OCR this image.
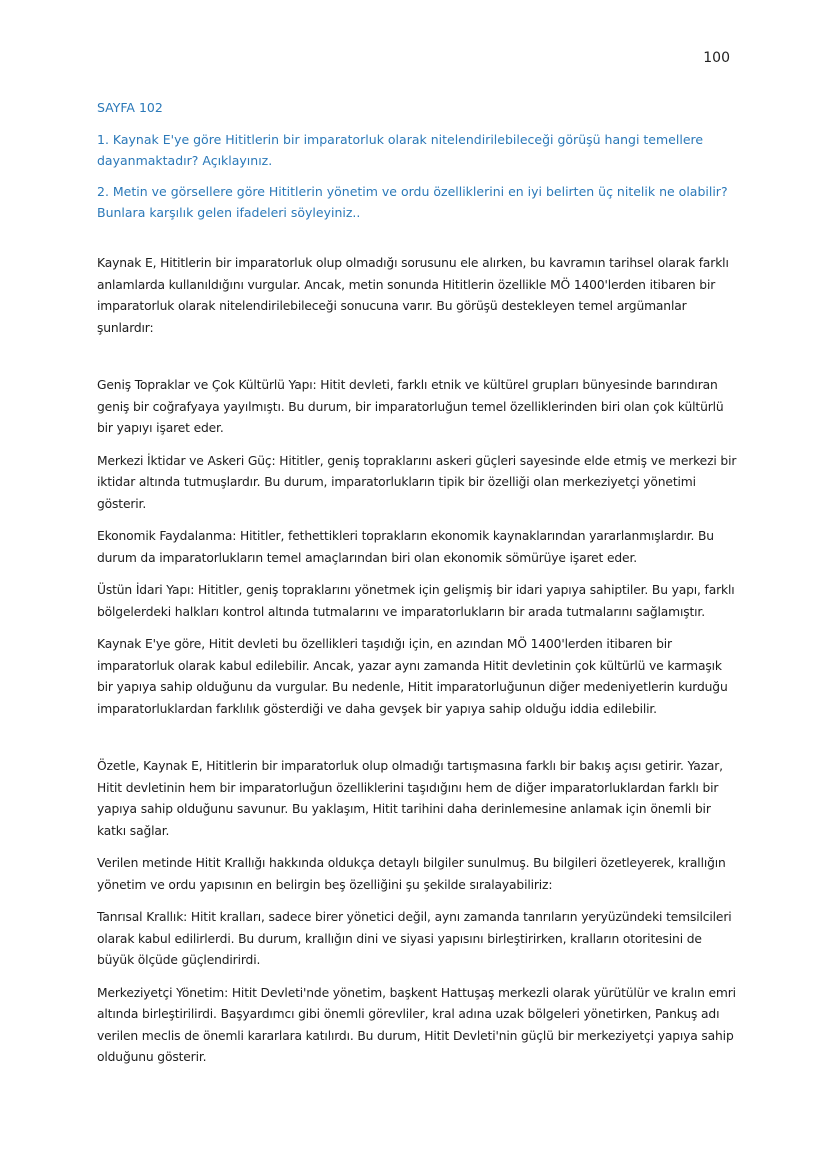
100
SAYFA 102

1. Kaynak E'ye göre Hititlerin bir imparatorluk olarak nitelendirilebileceği görüşü hangi temellere dayanmaktadır? Açıklayınız.

2. Metin ve görsellere göre Hititlerin yönetim ve ordu özelliklerini en iyi belirten üç nitelik ne olabilir? Bunlara karşılık gelen ifadeleri söyleyiniz..

Kaynak E, Hititlerin bir imparatorluk olup olmadığı sorusunu ele alırken, bu kavramın tarihsel olarak farklı anlamlarda kullanıldığını vurgular. Ancak, metin sonunda Hititlerin özellikle MÖ 1400'lerden itibaren bir imparatorluk olarak nitelendirilebileceği sonucuna varır. Bu görüşü destekleyen temel argümanlar şunlardır:

Geniş Topraklar ve Çok Kültürlü Yapı: Hitit devleti, farklı etnik ve kültürel grupları bünyesinde barındıran geniş bir coğrafyaya yayılmıştı. Bu durum, bir imparatorluğun temel özelliklerinden biri olan çok kültürlü bir yapıyı işaret eder.

Merkezi İktidar ve Askeri Güç: Hititler, geniş topraklarını askeri güçleri sayesinde elde etmiş ve merkezi bir iktidar altında tutmuşlardır. Bu durum, imparatorlukların tipik bir özelliği olan merkeziyetçi yönetimi gösterir.

Ekonomik Faydalanma: Hititler, fethettikleri toprakların ekonomik kaynaklarından yararlanmışlardır. Bu durum da imparatorlukların temel amaçlarından biri olan ekonomik sömürüye işaret eder.

Üstün İdari Yapı: Hititler, geniş topraklarını yönetmek için gelişmiş bir idari yapıya sahiptiler. Bu yapı, farklı bölgelerdeki halkları kontrol altında tutmalarını ve imparatorlukların bir arada tutmalarını sağlamıştır.

Kaynak E'ye göre, Hitit devleti bu özellikleri taşıdığı için, en azından MÖ 1400'lerden itibaren bir imparatorluk olarak kabul edilebilir. Ancak, yazar aynı zamanda Hitit devletinin çok kültürlü ve karmaşık bir yapıya sahip olduğunu da vurgular. Bu nedenle, Hitit imparatorluğunun diğer medeniyetlerin kurduğu imparatorluklardan farklılık gösterdiği ve daha gevşek bir yapıya sahip olduğu iddia edilebilir.

Özetle, Kaynak E, Hititlerin bir imparatorluk olup olmadığı tartışmasına farklı bir bakış açısı getirir. Yazar, Hitit devletinin hem bir imparatorluğun özelliklerini taşıdığını hem de diğer imparatorluklardan farklı bir yapıya sahip olduğunu savunur. Bu yaklaşım, Hitit tarihini daha derinlemesine anlamak için önemli bir katkı sağlar.

Verilen metinde Hitit Krallığı hakkında oldukça detaylı bilgiler sunulmuş. Bu bilgileri özetleyerek, krallığın yönetim ve ordu yapısının en belirgin beş özelliğini şu şekilde sıralayabiliriz:

Tanrısal Krallık: Hitit kralları, sadece birer yönetici değil, aynı zamanda tanrıların yeryüzündeki temsilcileri olarak kabul edilirlerdi. Bu durum, krallığın dini ve siyasi yapısını birleştirirken, kralların otoritesini de büyük ölçüde güçlendirirdi.

Merkeziyetçi Yönetim: Hitit Devleti'nde yönetim, başkent Hattuşaş merkezli olarak yürütülür ve kralın emri altında birleştirilirdi. Başyardımcı gibi önemli görevliler, kral adına uzak bölgeleri yönetirken, Pankuş adı verilen meclis de önemli kararlara katılırdı. Bu durum, Hitit Devleti'nin güçlü bir merkeziyetçi yapıya sahip olduğunu gösterir.
